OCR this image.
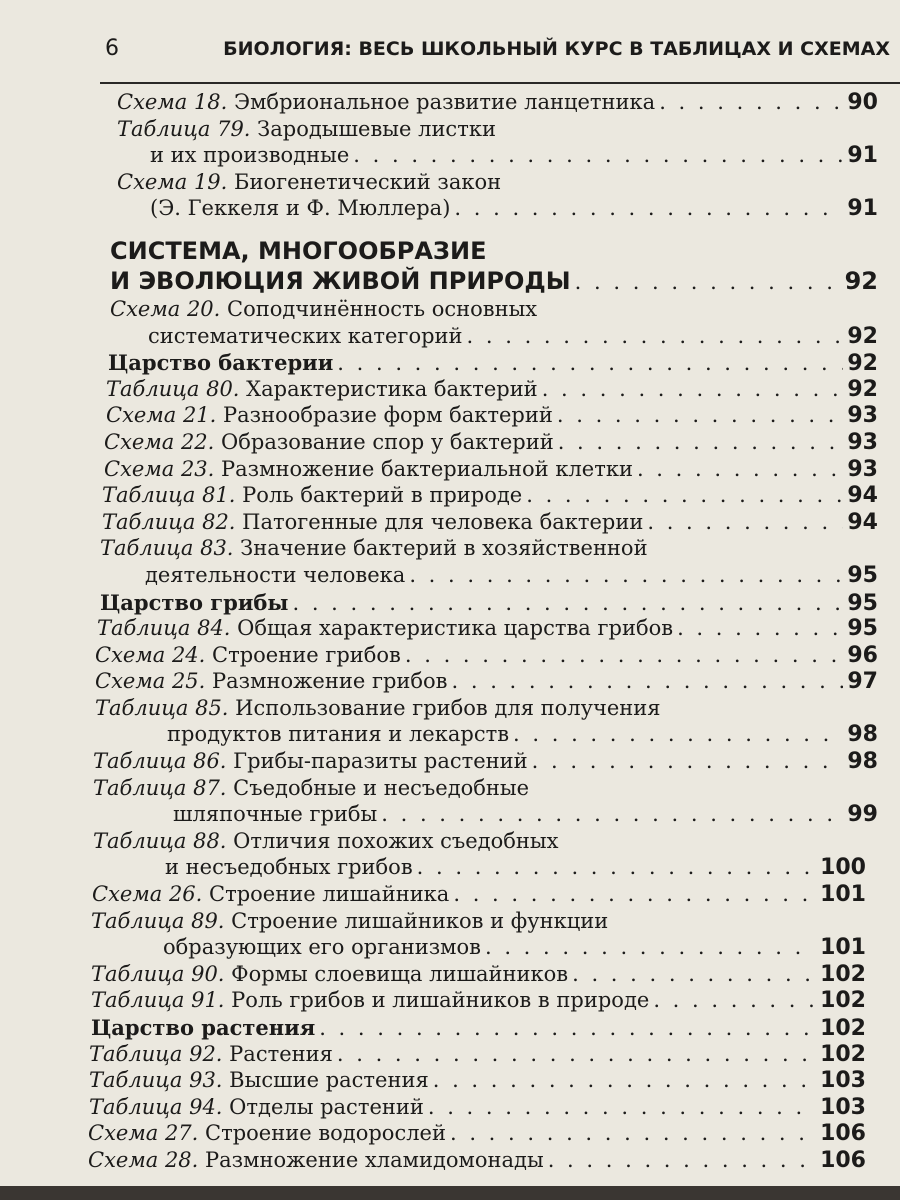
6	БИОЛОГИЯ: ВЕСЬ ШКОЛЬНЫЙ КУРС В ТАБЛИЦАХ И СХЕМАХ
Схема 18. Эмбриональное развитие ланцетника . . .	90
Таблица 79. Зародышевые листки
и их производные . . .	91
Схема 19. Биогенетический закон
(Э. Геккеля и Ф. Мюллера) . . .	91
СИСТЕМА, МНОГООБРАЗИЕ
И ЭВОЛЮЦИЯ ЖИВОЙ ПРИРОДЫ . . .	92
Схема 20. Соподчинённость основных
систематических категорий . . .	92
Царство бактерии . . .	92
Таблица 80. Характеристика бактерий . . .	92
Схема 21. Разнообразие форм бактерий . . .	93
Схема 22. Образование спор у бактерий . . .	93
Схема 23. Размножение бактериальной клетки . . .	93
Таблица 81. Роль бактерий в природе . . .	94
Таблица 82. Патогенные для человека бактерии . . .	94
Таблица 83. Значение бактерий в хозяйственной
деятельности человека . . .	95
Царство грибы . . .	95
Таблица 84. Общая характеристика царства грибов . . .	95
Схема 24. Строение грибов . . .	96
Схема 25. Размножение грибов . . .	97
Таблица 85. Использование грибов для получения
продуктов питания и лекарств . . .	98
Таблица 86. Грибы-паразиты растений . . .	98
Таблица 87. Съедобные и несъедобные
шляпочные грибы . . .	99
Таблица 88. Отличия похожих съедобных
и несъедобных грибов . . .	100
Схема 26. Строение лишайника . . .	101
Таблица 89. Строение лишайников и функции
образующих его организмов . . .	101
Таблица 90. Формы слоевища лишайников . . .	102
Таблица 91. Роль грибов и лишайников в природе . . .	102
Царство растения . . .	102
Таблица 92. Растения . . .	102
Таблица 93. Высшие растения . . .	103
Таблица 94. Отделы растений . . .	103
Схема 27. Строение водорослей . . .	106
Схема 28. Размножение хламидомонады . . .	106
